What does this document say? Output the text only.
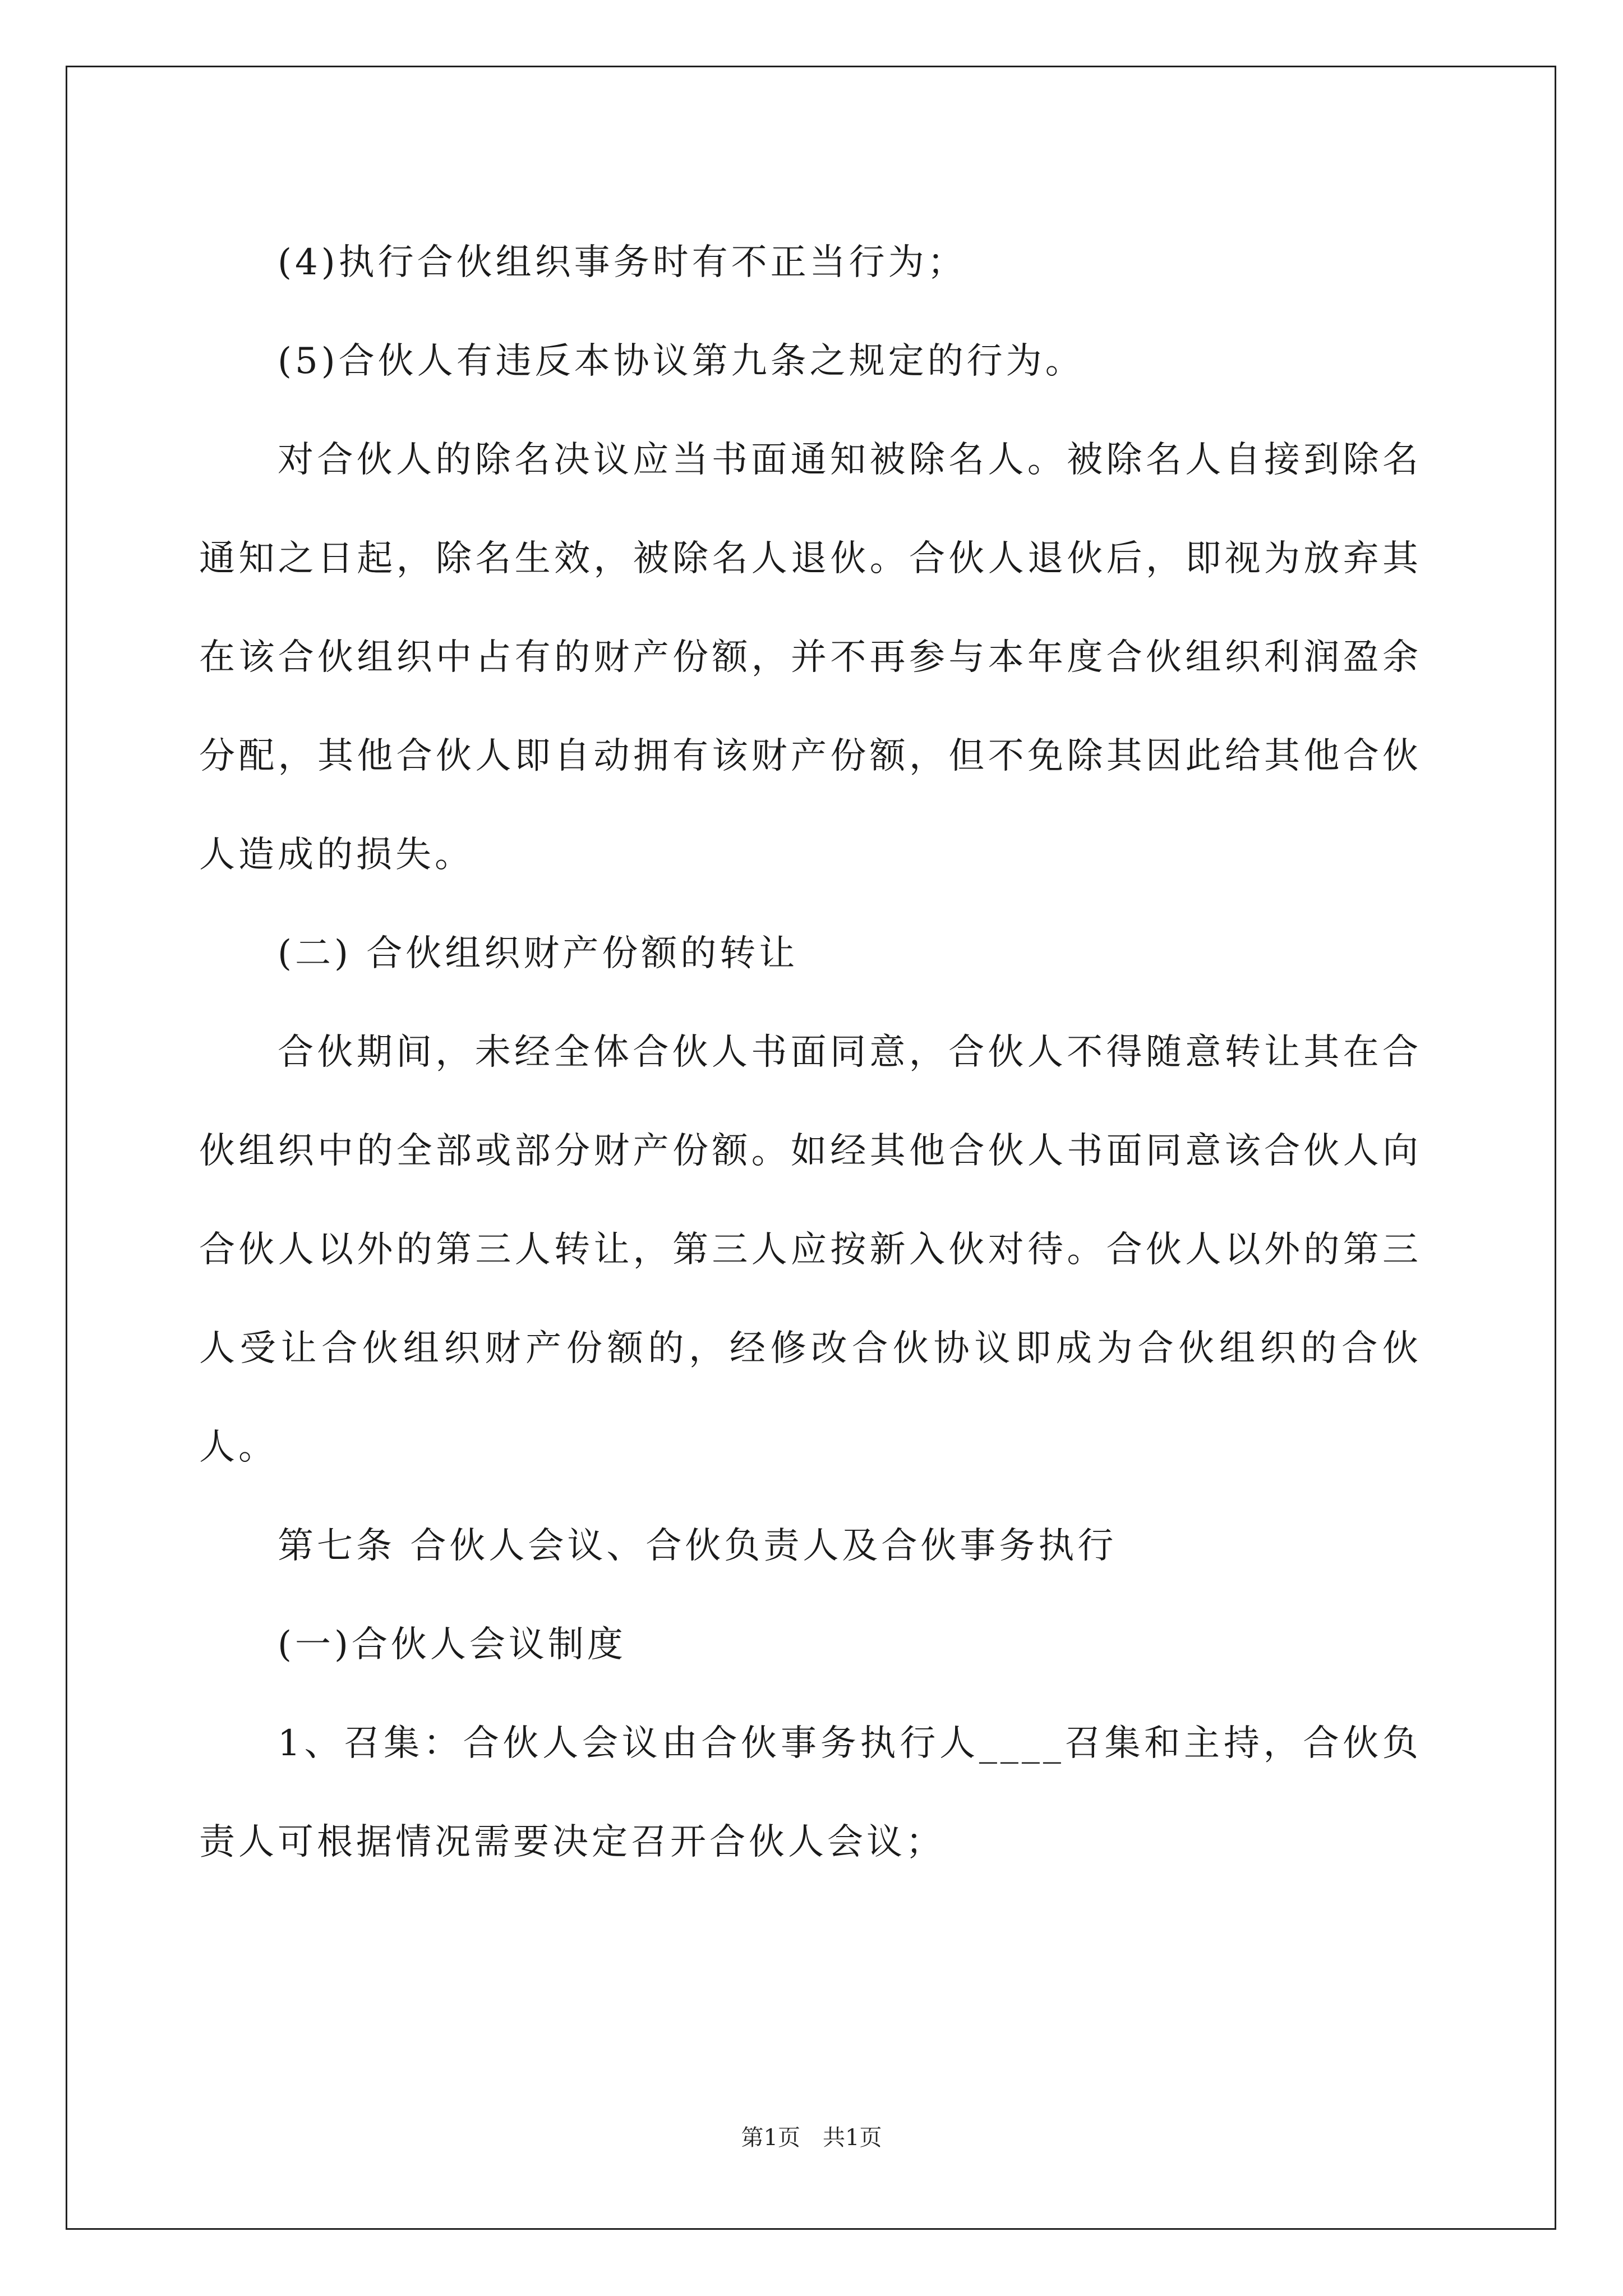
(4)执行合伙组织事务时有不正当行为；

(5)合伙人有违反本协议第九条之规定的行为。

对合伙人的除名决议应当书面通知被除名人。被除名人自接到除名通知之日起，除名生效，被除名人退伙。合伙人退伙后，即视为放弃其在该合伙组织中占有的财产份额，并不再参与本年度合伙组织利润盈余分配，其他合伙人即自动拥有该财产份额，但不免除其因此给其他合伙人造成的损失。

(二) 合伙组织财产份额的转让

合伙期间，未经全体合伙人书面同意，合伙人不得随意转让其在合伙组织中的全部或部分财产份额。如经其他合伙人书面同意该合伙人向合伙人以外的第三人转让，第三人应按新入伙对待。合伙人以外的第三人受让合伙组织财产份额的，经修改合伙协议即成为合伙组织的合伙人。

第七条 合伙人会议、合伙负责人及合伙事务执行

(一)合伙人会议制度

1、召集：合伙人会议由合伙事务执行人____召集和主持，合伙负责人可根据情况需要决定召开合伙人会议；

第1页 共1页
